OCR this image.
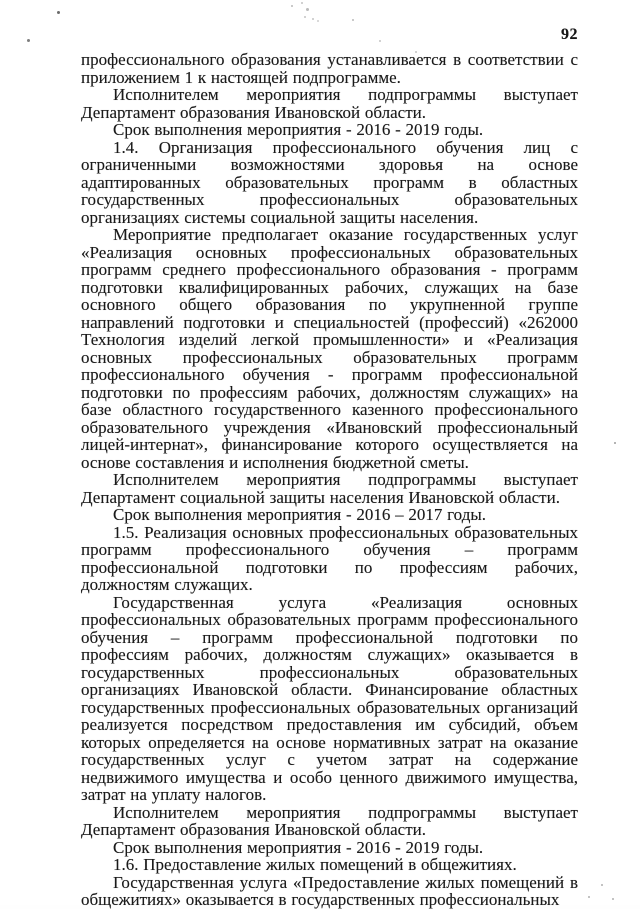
92

профессионального образования устанавливается в соответствии с приложением 1 к настоящей подпрограмме.

Исполнителем мероприятия подпрограммы выступает Департамент образования Ивановской области.

Срок выполнения мероприятия - 2016 - 2019 годы.

1.4. Организация профессионального обучения лиц с ограниченными возможностями здоровья на основе адаптированных образовательных программ в областных государственных профессиональных образовательных организациях системы социальной защиты населения.

Мероприятие предполагает оказание государственных услуг «Реализация основных профессиональных образовательных программ среднего профессионального образования - программ подготовки квалифицированных рабочих, служащих на базе основного общего образования по укрупненной группе направлений подготовки и специальностей (профессий) «262000 Технология изделий легкой промышленности» и «Реализация основных профессиональных образовательных программ профессионального обучения - программ профессиональной подготовки по профессиям рабочих, должностям служащих» на базе областного государственного казенного профессионального образовательного учреждения «Ивановский профессиональный лицей-интернат», финансирование которого осуществляется на основе составления и исполнения бюджетной сметы.

Исполнителем мероприятия подпрограммы выступает Департамент социальной защиты населения Ивановской области.

Срок выполнения мероприятия - 2016 – 2017 годы.

1.5. Реализация основных профессиональных образовательных программ профессионального обучения – программ профессиональной подготовки по профессиям рабочих, должностям служащих.

Государственная услуга «Реализация основных профессиональных образовательных программ профессионального обучения – программ профессиональной подготовки по профессиям рабочих, должностям служащих» оказывается в государственных профессиональных образовательных организациях Ивановской области. Финансирование областных государственных профессиональных образовательных организаций реализуется посредством предоставления им субсидий, объем которых определяется на основе нормативных затрат на оказание государственных услуг с учетом затрат на содержание недвижимого имущества и особо ценного движимого имущества, затрат на уплату налогов.

Исполнителем мероприятия подпрограммы выступает Департамент образования Ивановской области.

Срок выполнения мероприятия - 2016 - 2019 годы.

1.6. Предоставление жилых помещений в общежитиях.

Государственная услуга «Предоставление жилых помещений в общежитиях» оказывается в государственных профессиональных
